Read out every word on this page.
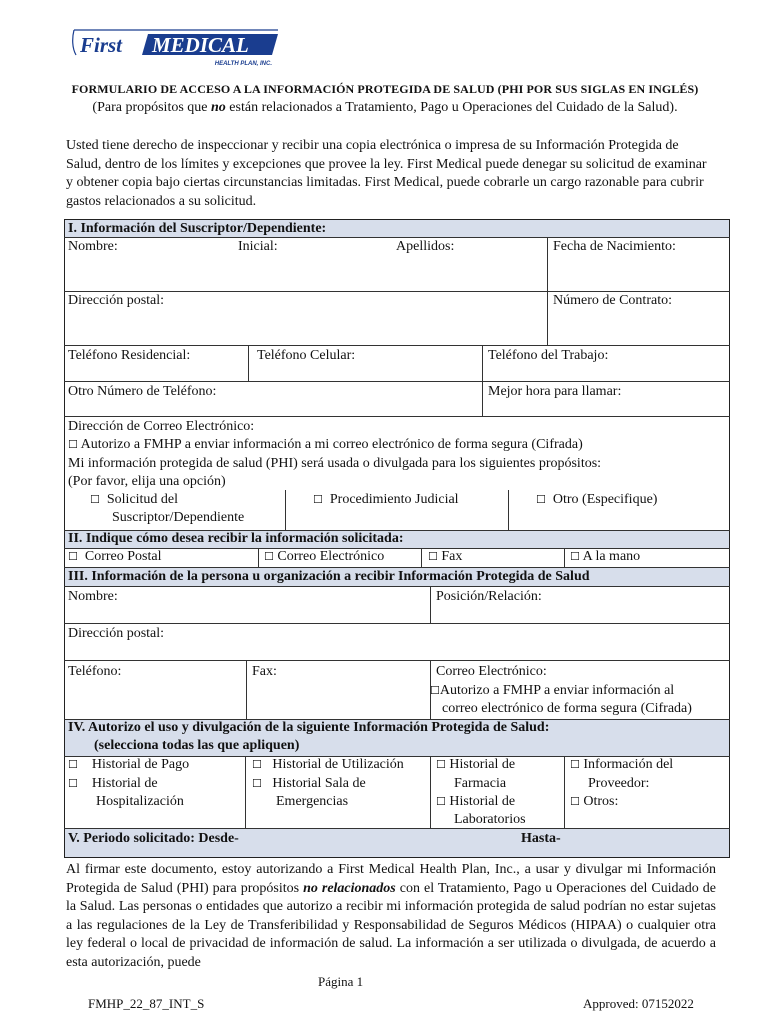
First MEDICAL
HEALTH PLAN, INC.
FORMULARIO DE ACCESO A LA INFORMACIÓN PROTEGIDA DE SALUD (PHI POR SUS SIGLAS EN INGLÉS)
(Para propósitos que no están relacionados a Tratamiento, Pago u Operaciones del Cuidado de la Salud).
Usted tiene derecho de inspeccionar y recibir una copia electrónica o impresa de su Información Protegida de Salud, dentro de los límites y excepciones que provee la ley. First Medical puede denegar su solicitud de examinar y obtener copia bajo ciertas circunstancias limitadas. First Medical, puede cobrarle un cargo razonable para cubrir gastos relacionados a su solicitud.
I. Información del Suscriptor/Dependiente:
Nombre:	Inicial:	Apellidos:	Fecha de Nacimiento:
Dirección postal:	Número de Contrato:
Teléfono Residencial:	Teléfono Celular:	Teléfono del Trabajo:
Otro Número de Teléfono:	Mejor hora para llamar:
Dirección de Correo Electrónico:
☐ Autorizo a FMHP a enviar información a mi correo electrónico de forma segura (Cifrada)
Mi información protegida de salud (PHI) será usada o divulgada para los siguientes propósitos:
(Por favor, elija una opción)
☐ Solicitud del
Suscriptor/Dependiente
☐ Procedimiento Judicial	☐ Otro (Especifique)
II. Indique cómo desea recibir la información solicitada:
☐ Correo Postal	☐ Correo Electrónico	☐ Fax	☐ A la mano
III. Información de la persona u organización a recibir Información Protegida de Salud
Nombre:	Posición/Relación:
Dirección postal:
Teléfono:	Fax:	Correo Electrónico:
☐Autorizo a FMHP a enviar información al
correo electrónico de forma segura (Cifrada)
IV. Autorizo el uso y divulgación de la siguiente Información Protegida de Salud:
(selecciona todas las que apliquen)
☐ Historial de Pago
☐ Historial de
Hospitalización
☐ Historial de Utilización
☐ Historial Sala de
Emergencias
☐ Historial de
Farmacia
☐ Historial de
Laboratorios
☐ Información del
Proveedor:
☐ Otros:
V. Periodo solicitado: Desde-	Hasta-
Al firmar este documento, estoy autorizando a First Medical Health Plan, Inc., a usar y divulgar mi Información Protegida de Salud (PHI) para propósitos no relacionados con el Tratamiento, Pago u Operaciones del Cuidado de la Salud. Las personas o entidades que autorizo a recibir mi información protegida de salud podrían no estar sujetas a las regulaciones de la Ley de Transferibilidad y Responsabilidad de Seguros Médicos (HIPAA) o cualquier otra ley federal o local de privacidad de información de salud. La información a ser utilizada o divulgada, de acuerdo a esta autorización, puede
Página 1
FMHP_22_87_INT_S	Approved: 07152022
